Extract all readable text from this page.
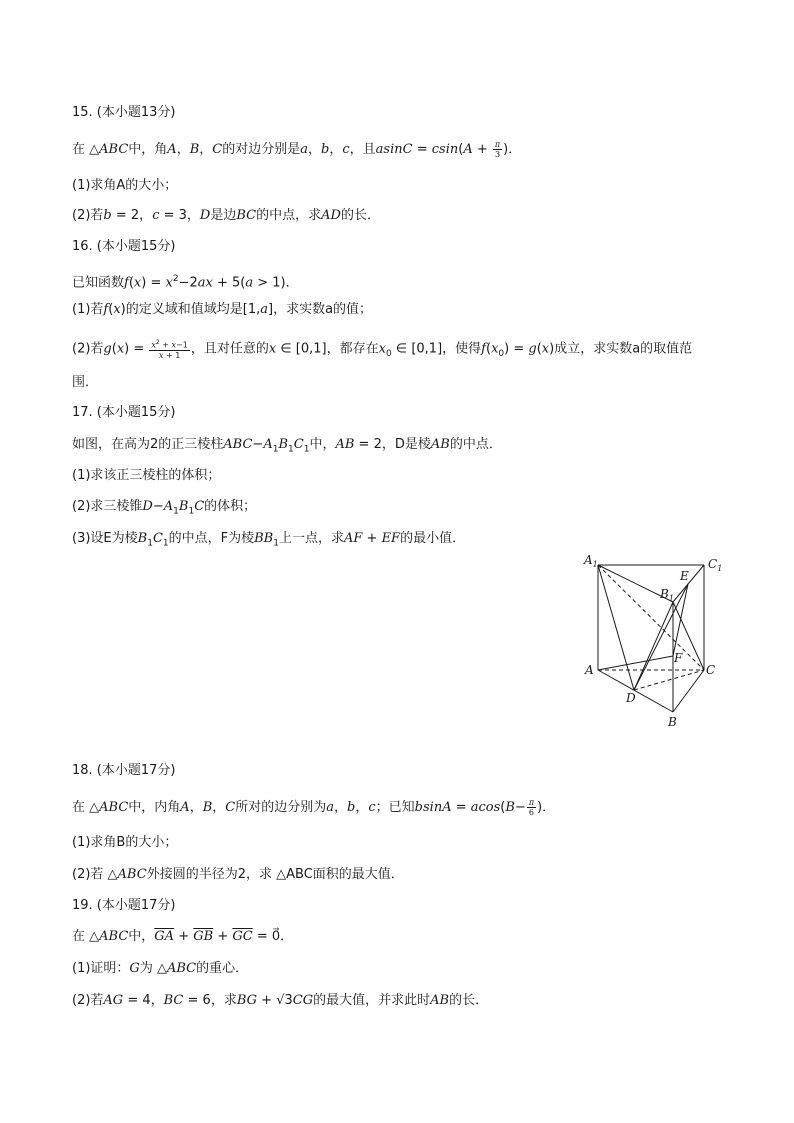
15. (本小题13分)
在 △ABC中，角A，B，C的对边分别是a，b，c，且$asinC = csin(A + \frac{\pi}{3}$ )．
(1)求角A的大小；
(2)若b = 2，c = 3，D是边BC的中点，求AD的长．
16. (本小题15分)
已知函数$f(x) = x^2-2ax + 5(a > 1)$．
(1)若f(x)的定义域和值域均是[1,a]，求实数a的值；
(2)若$g(x) = \frac{x^2 + x-1}{x + 1}$ ，且对任意的x ∈ [0,1]，都存在$x_0$ ∈ [0,1]，使得$f(x_0) = g(x)$成立，求实数a的取值范
围．
17. (本小题15分)
如图，在高为2的正三棱柱$ABC-A_1B_1C_1$中，AB = 2，D是棱AB的中点．
(1)求该正三棱柱的体积；
(2)求三棱锥$D-A_1B_1C$的体积；
(3)设E为棱$B_1C_1$的中点，F为棱$BB_1$上一点，求AF + EF的最小值．
$A_1$	$C_1$
E
$B_1$
F
A	C
D
B
18. (本小题17分)
在 △ABC中，内角A，B，C所对的边分别为a，b，c；已知$bsinA = acos(B- \frac{\pi}{6}$ )．
(1)求角B的大小；
(2)若 △ABC外接圆的半径为2，求 △ABC面积的最大值．
19. (本小题17分)
在 △ABC中，$\overline{GA} + \overline{GB} + \overline{GC}$ = 0⃗．
(1)证明：G为 △ABC的重心．
(2)若AG = 4，BC = 6，求BG + √3CG的最大值，并求此时AB的长．
